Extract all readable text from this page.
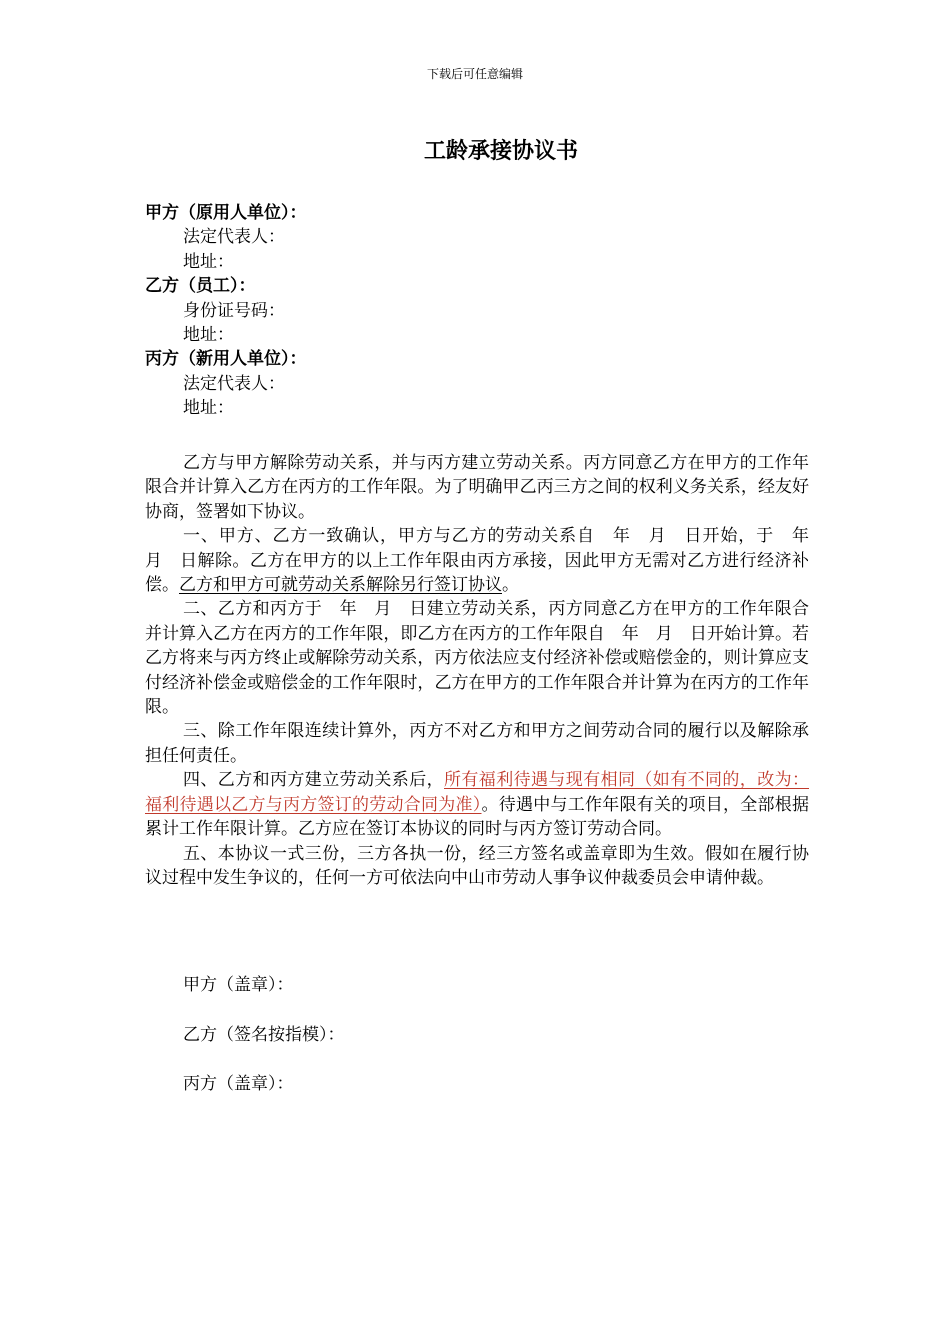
下载后可任意编辑
工龄承接协议书
甲方（原用人单位）：
法定代表人：
地址：
乙方（员工）：
身份证号码：
地址：
丙方（新用人单位）：
法定代表人：
地址：

乙方与甲方解除劳动关系，并与丙方建立劳动关系。丙方同意乙方在甲方的工作年限合并计算入乙方在丙方的工作年限。为了明确甲乙丙三方之间的权利义务关系，经友好协商，签署如下协议。

一、甲方、乙方一致确认，甲方与乙方的劳动关系自　年　月　日开始，于　年　月　日解除。乙方在甲方的以上工作年限由丙方承接，因此甲方无需对乙方进行经济补偿。乙方和甲方可就劳动关系解除另行签订协议。

二、乙方和丙方于　年　月　日建立劳动关系，丙方同意乙方在甲方的工作年限合并计算入乙方在丙方的工作年限，即乙方在丙方的工作年限自　年　月　日开始计算。若乙方将来与丙方终止或解除劳动关系，丙方依法应支付经济补偿或赔偿金的，则计算应支付经济补偿金或赔偿金的工作年限时，乙方在甲方的工作年限合并计算为在丙方的工作年限。

三、除工作年限连续计算外，丙方不对乙方和甲方之间劳动合同的履行以及解除承担任何责任。

四、乙方和丙方建立劳动关系后，所有福利待遇与现有相同（如有不同的，改为：福利待遇以乙方与丙方签订的劳动合同为准）。待遇中与工作年限有关的项目，全部根据累计工作年限计算。乙方应在签订本协议的同时与丙方签订劳动合同。

五、本协议一式三份，三方各执一份，经三方签名或盖章即为生效。假如在履行协议过程中发生争议的，任何一方可依法向中山市劳动人事争议仲裁委员会申请仲裁。

甲方（盖章）：
乙方（签名按指模）：
丙方（盖章）：
